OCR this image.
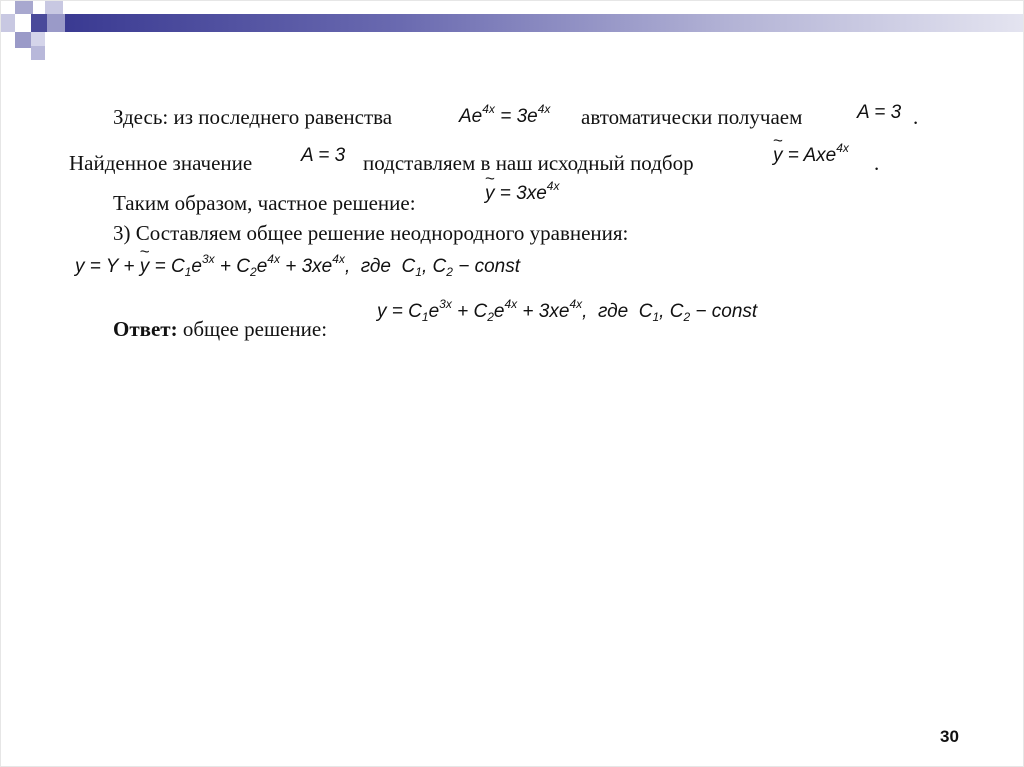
Здесь: из последнего равенства	$Ae^{4x} = 3e^{4x}$ автоматически получаем	A = 3 .
Найденное значение	A = 3 подставляем в наш исходный подбор	~ y = Axe$^{4x}$
.
Таким образом, частное решение:	~ $y = 3xe^{4x}$
3) Составляем общее решение неоднородного уравнения:
y = Y + ~ $y = C_1e^{3x} + C_2e^{4x} + 3xe^{4x}$,  где  $C_1$, $C_2$ − const
Ответ: общее решение:
$y = C_1e^{3x} + C_2e^{4x} + 3xe^{4x}$,  где  $C_1$, $C_2$ − const
30
